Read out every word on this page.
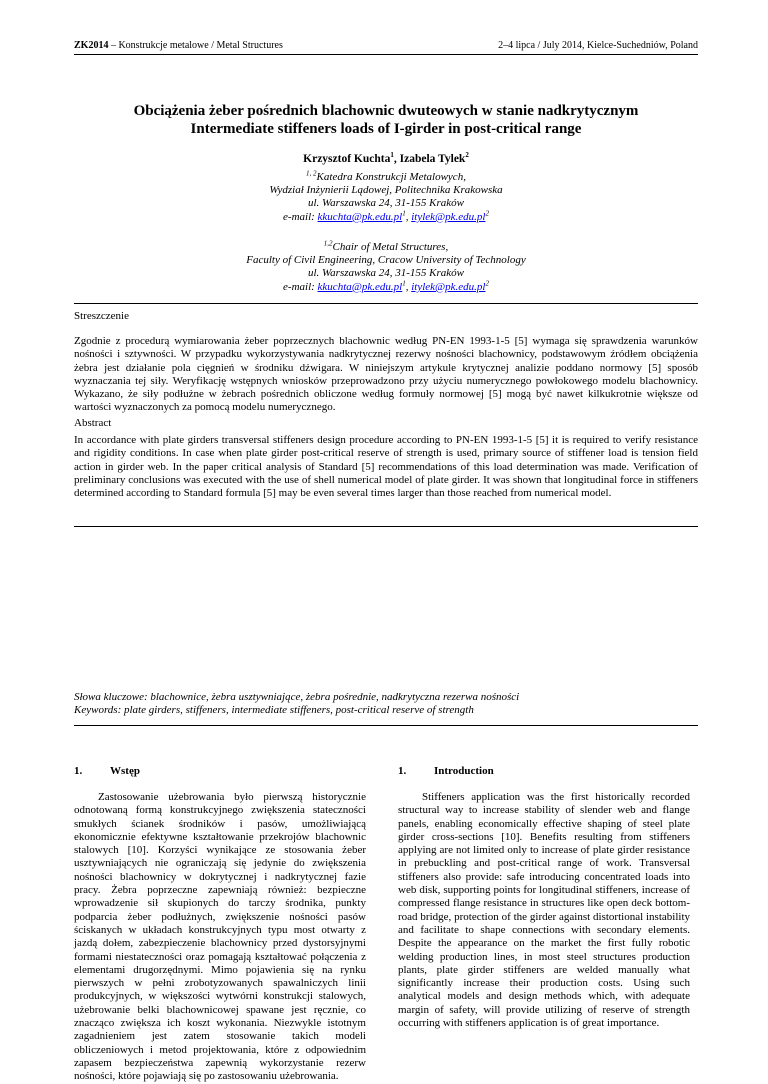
ZK2014 – Konstrukcje metalowe / Metal Structures	2–4 lipca / July 2014, Kielce-Suchedniów, Poland
Obciążenia żeber pośrednich blachownic dwuteowych w stanie nadkrytycznym
Intermediate stiffeners loads of I-girder in post-critical range
Krzysztof Kuchta$^1$, Izabela Tylek$^2$
$^{1, 2}$Katedra Konstrukcji Metalowych,
Wydział Inżynierii Lądowej, Politechnika Krakowska
ul. Warszawska 24, 31-155 Kraków
e-mail: $kkuchta@pk.edu.pl^1$, $itylek@pk.edu.pl^2$
$^{1,2}$Chair of Metal Structures,
Faculty of Civil Engineering, Cracow University of Technology
ul. Warszawska 24, 31-155 Kraków
e-mail: $kkuchta@pk.edu.pl^1$, $itylek@pk.edu.pl^2$
Streszczenie
Zgodnie z procedurą wymiarowania żeber poprzecznych blachownic według PN-EN 1993-1-5 [5] wymaga się sprawdzenia warunków nośności i sztywności. W przypadku wykorzystywania nadkrytycznej rezerwy nośności blachownicy, podstawowym źródłem obciążenia żebra jest działanie pola cięgnień w środniku dźwigara. W niniejszym artykule krytycznej analizie poddano normowy [5] sposób wyznaczania tej siły. Weryfikację wstępnych wniosków przeprowadzono przy użyciu numerycznego powłokowego modelu blachownicy. Wykazano, że siły podłużne w żebrach pośrednich obliczone według formuły normowej [5] mogą być nawet kilkukrotnie większe od wartości wyznaczonych za pomocą modelu numerycznego.
Abstract
In accordance with plate girders transversal stiffeners design procedure according to PN-EN 1993-1-5 [5] it is required to verify resistance and rigidity conditions. In case when plate girder post-critical reserve of strength is used, primary source of stiffener load is tension field action in girder web. In the paper critical analysis of Standard [5] recommendations of this load determination was made. Verification of preliminary conclusions was executed with the use of shell numerical model of plate girder. It was shown that longitudinal force in stiffeners determined according to Standard formula [5] may be even several times larger than those reached from numerical model.
Słowa kluczowe: blachownice, żebra usztywniające, żebra pośrednie, nadkrytyczna rezerwa nośności
Keywords: plate girders, stiffeners, intermediate stiffeners, post-critical reserve of strength
1.	Wstęp
Zastosowanie użebrowania było pierwszą historycznie odnotowaną formą konstrukcyjnego zwiększenia stateczności smukłych ścianek środników i pasów, umożliwiającą ekonomicznie efektywne kształtowanie przekrojów blachownic stalowych [10]. Korzyści wynikające ze stosowania żeber usztywniających nie ograniczają się jedynie do zwiększenia nośności blachownicy w dokrytycznej i nadkrytycznej fazie pracy. Żebra poprzeczne zapewniają również: bezpieczne wprowadzenie sił skupionych do tarczy środnika, punkty podparcia żeber podłużnych, zwiększenie nośności pasów ściskanych w układach konstrukcyjnych typu most otwarty z jazdą dołem, zabezpieczenie blachownicy przed dystorsyjnymi formami niestateczności oraz pomagają kształtować połączenia z elementami drugorzędnymi. Mimo pojawienia się na rynku pierwszych w pełni zrobotyzowanych spawalniczych linii produkcyjnych, w większości wytwórni konstrukcji stalowych, użebrowanie belki blachownicowej spawane jest ręcznie, co znacząco zwiększa ich koszt wykonania. Niezwykle istotnym zagadnieniem jest zatem stosowanie takich modeli obliczeniowych i metod projektowania, które z odpowiednim zapasem bezpieczeństwa zapewnią wykorzystanie rezerw nośności, które pojawiają się po zastosowaniu użebrowania.
1.	Introduction
Stiffeners application was the first historically recorded structural way to increase stability of slender web and flange panels, enabling economically effective shaping of steel plate girder cross-sections [10]. Benefits resulting from stiffeners applying are not limited only to increase of plate girder resistance in prebuckling and post-critical range of work. Transversal stiffeners also provide: safe introducing concentrated loads into web disk, supporting points for longitudinal stiffeners, increase of compressed flange resistance in structures like open deck bottom-road bridge, protection of the girder against distortional instability and facilitate to shape connections with secondary elements. Despite the appearance on the market the first fully robotic welding production lines, in most steel structures production plants, plate girder stiffeners are welded manually what significantly increase their production costs. Using such analytical models and design methods which, with adequate margin of safety, will provide utilizing of reserve of strength occurring with stiffeners application is of great importance.
